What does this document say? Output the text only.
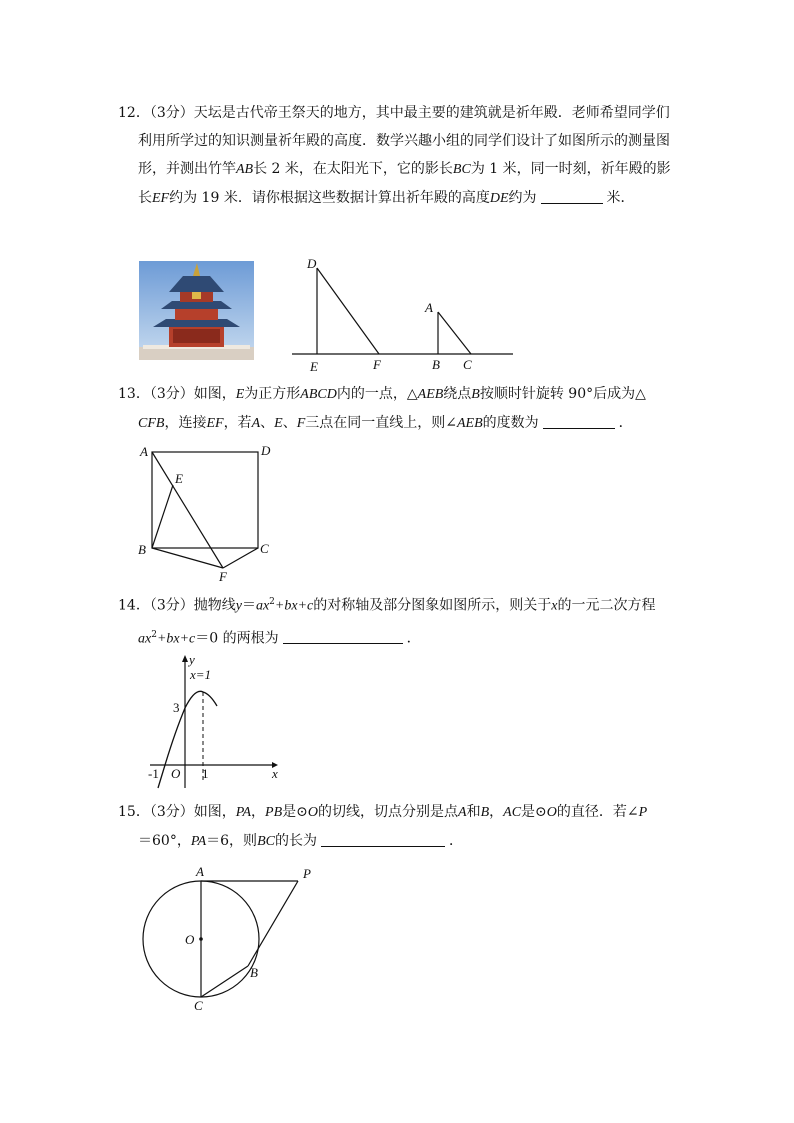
12．（3分）天坛是古代帝王祭天的地方，其中最主要的建筑就是祈年殿．老师希望同学们

利用所学过的知识测量祈年殿的高度．数学兴趣小组的同学们设计了如图所示的测量图

形，并测出竹竿AB长 2 米，在太阳光下，它的影长BC为 1 米，同一时刻，祈年殿的影

长EF约为 19 米．请你根据这些数据计算出祈年殿的高度DE约为	米．

D
E	F
A
B C

13．（3分）如图，E为正方形ABCD内的一点，△AEB绕点B按顺时针旋转 90°后成为△

CFB，连接EF，若A、E、F三点在同一直线上，则∠AEB的度数为	．

A	D
E
B	C
F

14．（3分）抛物线$y=ax^2+bx+c$的对称轴及部分图象如图所示，则关于x的一元二次方程

$ax^2+bx+c=0$ 的两根为	．

y
x=1
3
-1 O 1	x

15．（3分）如图，PA，PB是⊙O的切线，切点分别是点A和B，AC是⊙O的直径．若∠P

＝60°，PA＝6，则BC的长为	．

A	P
O
B
C
